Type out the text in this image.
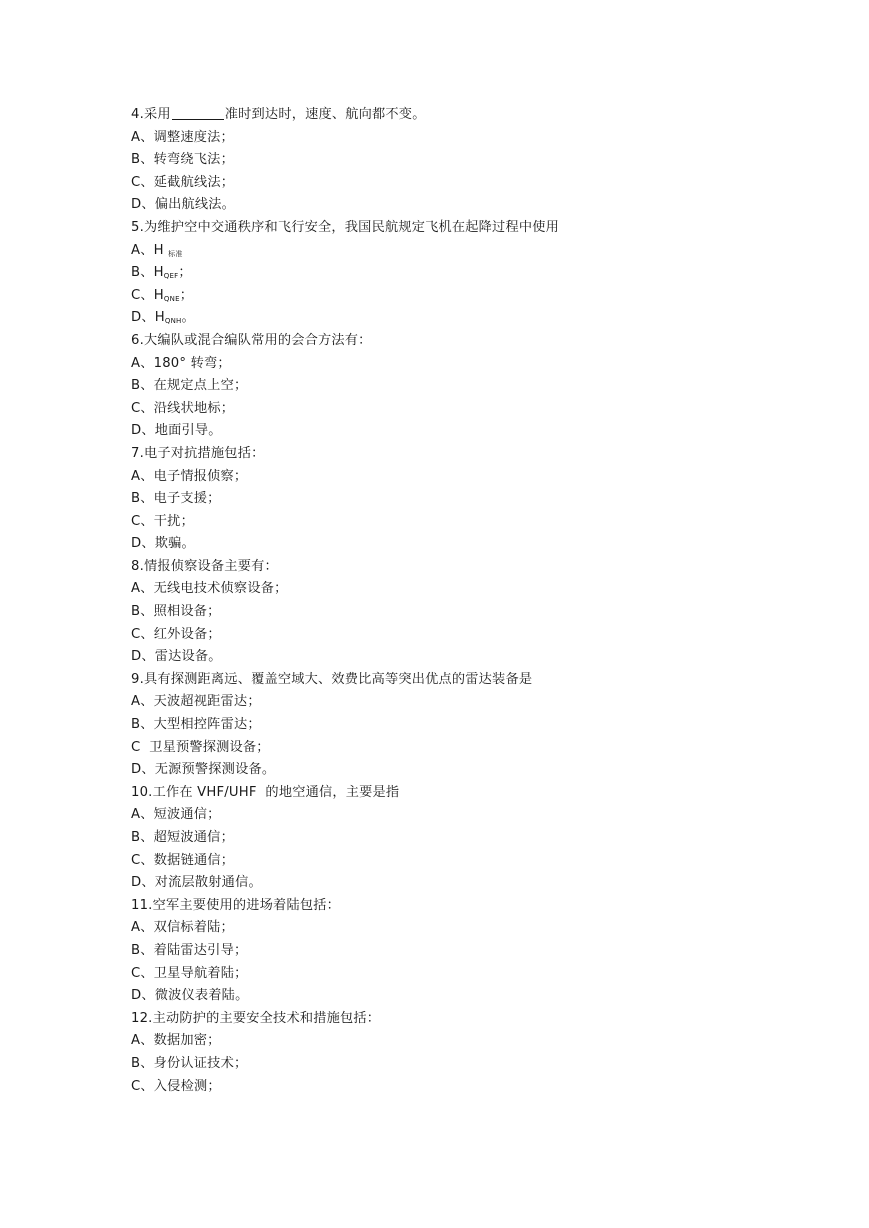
4.采用	准时到达时，速度、航向都不变。
A、调整速度法；
B、转弯绕飞法；
C、延截航线法；
D、偏出航线法。
5.为维护空中交通秩序和飞行安全，我国民航规定飞机在起降过程中使用
A、H $_{标准}$
B、$H_{QEF}$；
C、$H_{QNE}$；
D、$H_{QNH}$。
6.大编队或混合编队常用的会合方法有：
A、180° 转弯；
B、在规定点上空；
C、沿线状地标；
D、地面引导。
7.电子对抗措施包括：
A、电子情报侦察；
B、电子支援；
C、干扰；
D、欺骗。
8.情报侦察设备主要有：
A、无线电技术侦察设备；
B、照相设备；
C、红外设备；
D、雷达设备。
9.具有探测距离远、覆盖空域大、效费比高等突出优点的雷达装备是
A、天波超视距雷达；
B、大型相控阵雷达；
C  卫星预警探测设备；
D、无源预警探测设备。
10.工作在 VHF/UHF  的地空通信，主要是指
A、短波通信；
B、超短波通信；
C、数据链通信；
D、对流层散射通信。
11.空军主要使用的进场着陆包括：
A、双信标着陆；
B、着陆雷达引导；
C、卫星导航着陆；
D、微波仪表着陆。
12.主动防护的主要安全技术和措施包括：
A、数据加密；
B、身份认证技术；
C、入侵检测；
